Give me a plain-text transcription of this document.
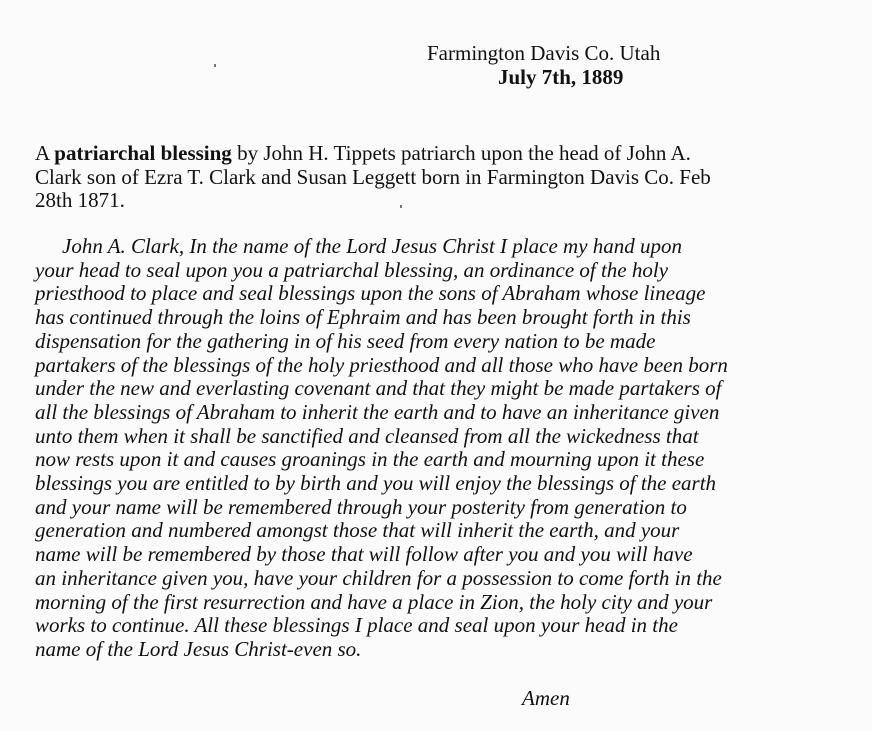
Farmington Davis Co. Utah
July 7th, 1889
A patriarchal blessing by John H. Tippets patriarch upon the head of John A.
Clark son of Ezra T. Clark and Susan Leggett born in Farmington Davis Co. Feb
28th 1871.
John A. Clark, In the name of the Lord Jesus Christ I place my hand upon
your head to seal upon you a patriarchal blessing, an ordinance of the holy
priesthood to place and seal blessings upon the sons of Abraham whose lineage
has continued through the loins of Ephraim and has been brought forth in this
dispensation for the gathering in of his seed from every nation to be made
partakers of the blessings of the holy priesthood and all those who have been born
under the new and everlasting covenant and that they might be made partakers of
all the blessings of Abraham to inherit the earth and to have an inheritance given
unto them when it shall be sanctified and cleansed from all the wickedness that
now rests upon it and causes groanings in the earth and mourning upon it these
blessings you are entitled to by birth and you will enjoy the blessings of the earth
and your name will be remembered through your posterity from generation to
generation and numbered amongst those that will inherit the earth, and your
name will be remembered by those that will follow after you and you will have
an inheritance given you, have your children for a possession to come forth in the
morning of the first resurrection and have a place in Zion, the holy city and your
works to continue. All these blessings I place and seal upon your head in the
name of the Lord Jesus Christ-even so.
Amen
